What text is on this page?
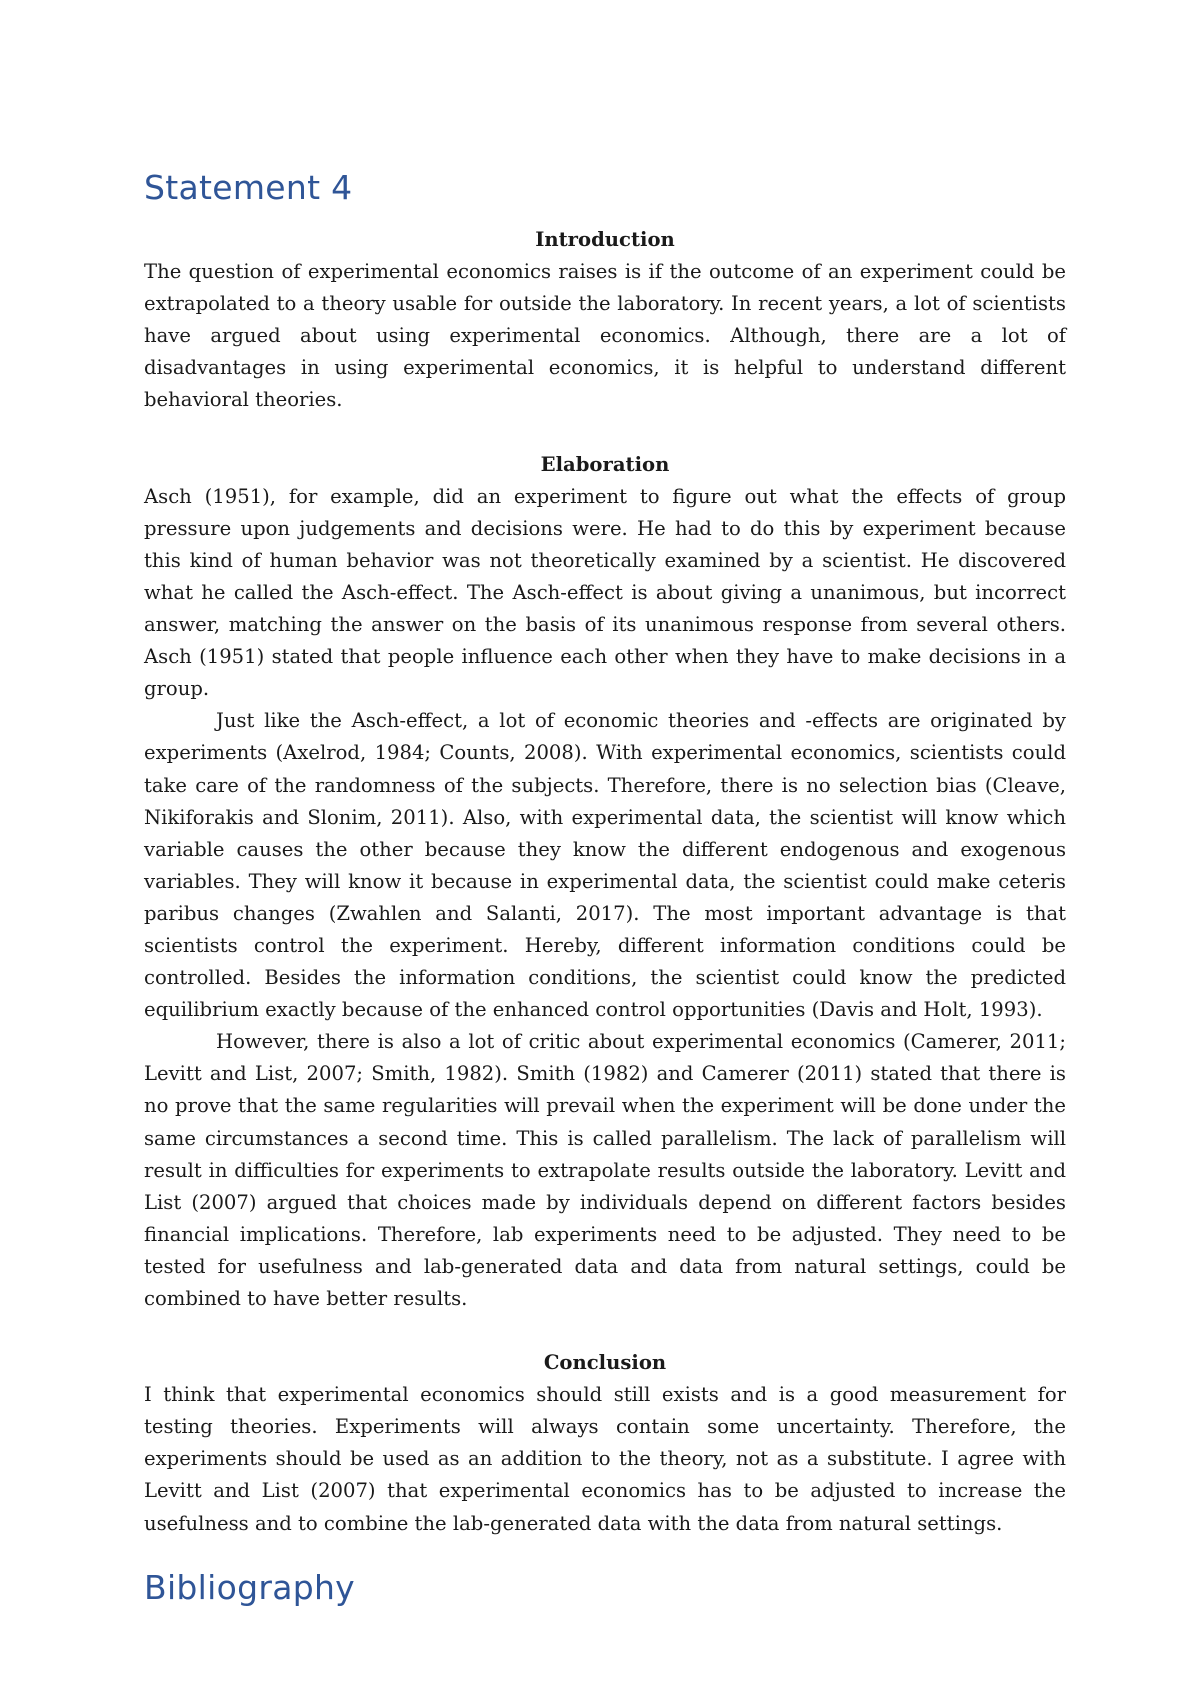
Statement 4
Introduction

The question of experimental economics raises is if the outcome of an experiment could be extrapolated to a theory usable for outside the laboratory. In recent years, a lot of scientists have argued about using experimental economics. Although, there are a lot of disadvantages in using experimental economics, it is helpful to understand different behavioral theories.

Elaboration

Asch (1951), for example, did an experiment to figure out what the effects of group pressure upon judgements and decisions were. He had to do this by experiment because this kind of human behavior was not theoretically examined by a scientist. He discovered what he called the Asch-effect. The Asch-effect is about giving a unanimous, but incorrect answer, matching the answer on the basis of its unanimous response from several others. Asch (1951) stated that people influence each other when they have to make decisions in a group.

Just like the Asch-effect, a lot of economic theories and -effects are originated by experiments (Axelrod, 1984; Counts, 2008). With experimental economics, scientists could take care of the randomness of the subjects. Therefore, there is no selection bias (Cleave, Nikiforakis and Slonim, 2011). Also, with experimental data, the scientist will know which variable causes the other because they know the different endogenous and exogenous variables. They will know it because in experimental data, the scientist could make ceteris paribus changes (Zwahlen and Salanti, 2017). The most important advantage is that scientists control the experiment. Hereby, different information conditions could be controlled. Besides the information conditions, the scientist could know the predicted equilibrium exactly because of the enhanced control opportunities (Davis and Holt, 1993).

However, there is also a lot of critic about experimental economics (Camerer, 2011; Levitt and List, 2007; Smith, 1982). Smith (1982) and Camerer (2011) stated that there is no prove that the same regularities will prevail when the experiment will be done under the same circumstances a second time. This is called parallelism. The lack of parallelism will result in difficulties for experiments to extrapolate results outside the laboratory. Levitt and List (2007) argued that choices made by individuals depend on different factors besides financial implications. Therefore, lab experiments need to be adjusted. They need to be tested for usefulness and lab-generated data and data from natural settings, could be combined to have better results.

Conclusion

I think that experimental economics should still exists and is a good measurement for testing theories. Experiments will always contain some uncertainty. Therefore, the experiments should be used as an addition to the theory, not as a substitute. I agree with Levitt and List (2007) that experimental economics has to be adjusted to increase the usefulness and to combine the lab-generated data with the data from natural settings.

Bibliography
